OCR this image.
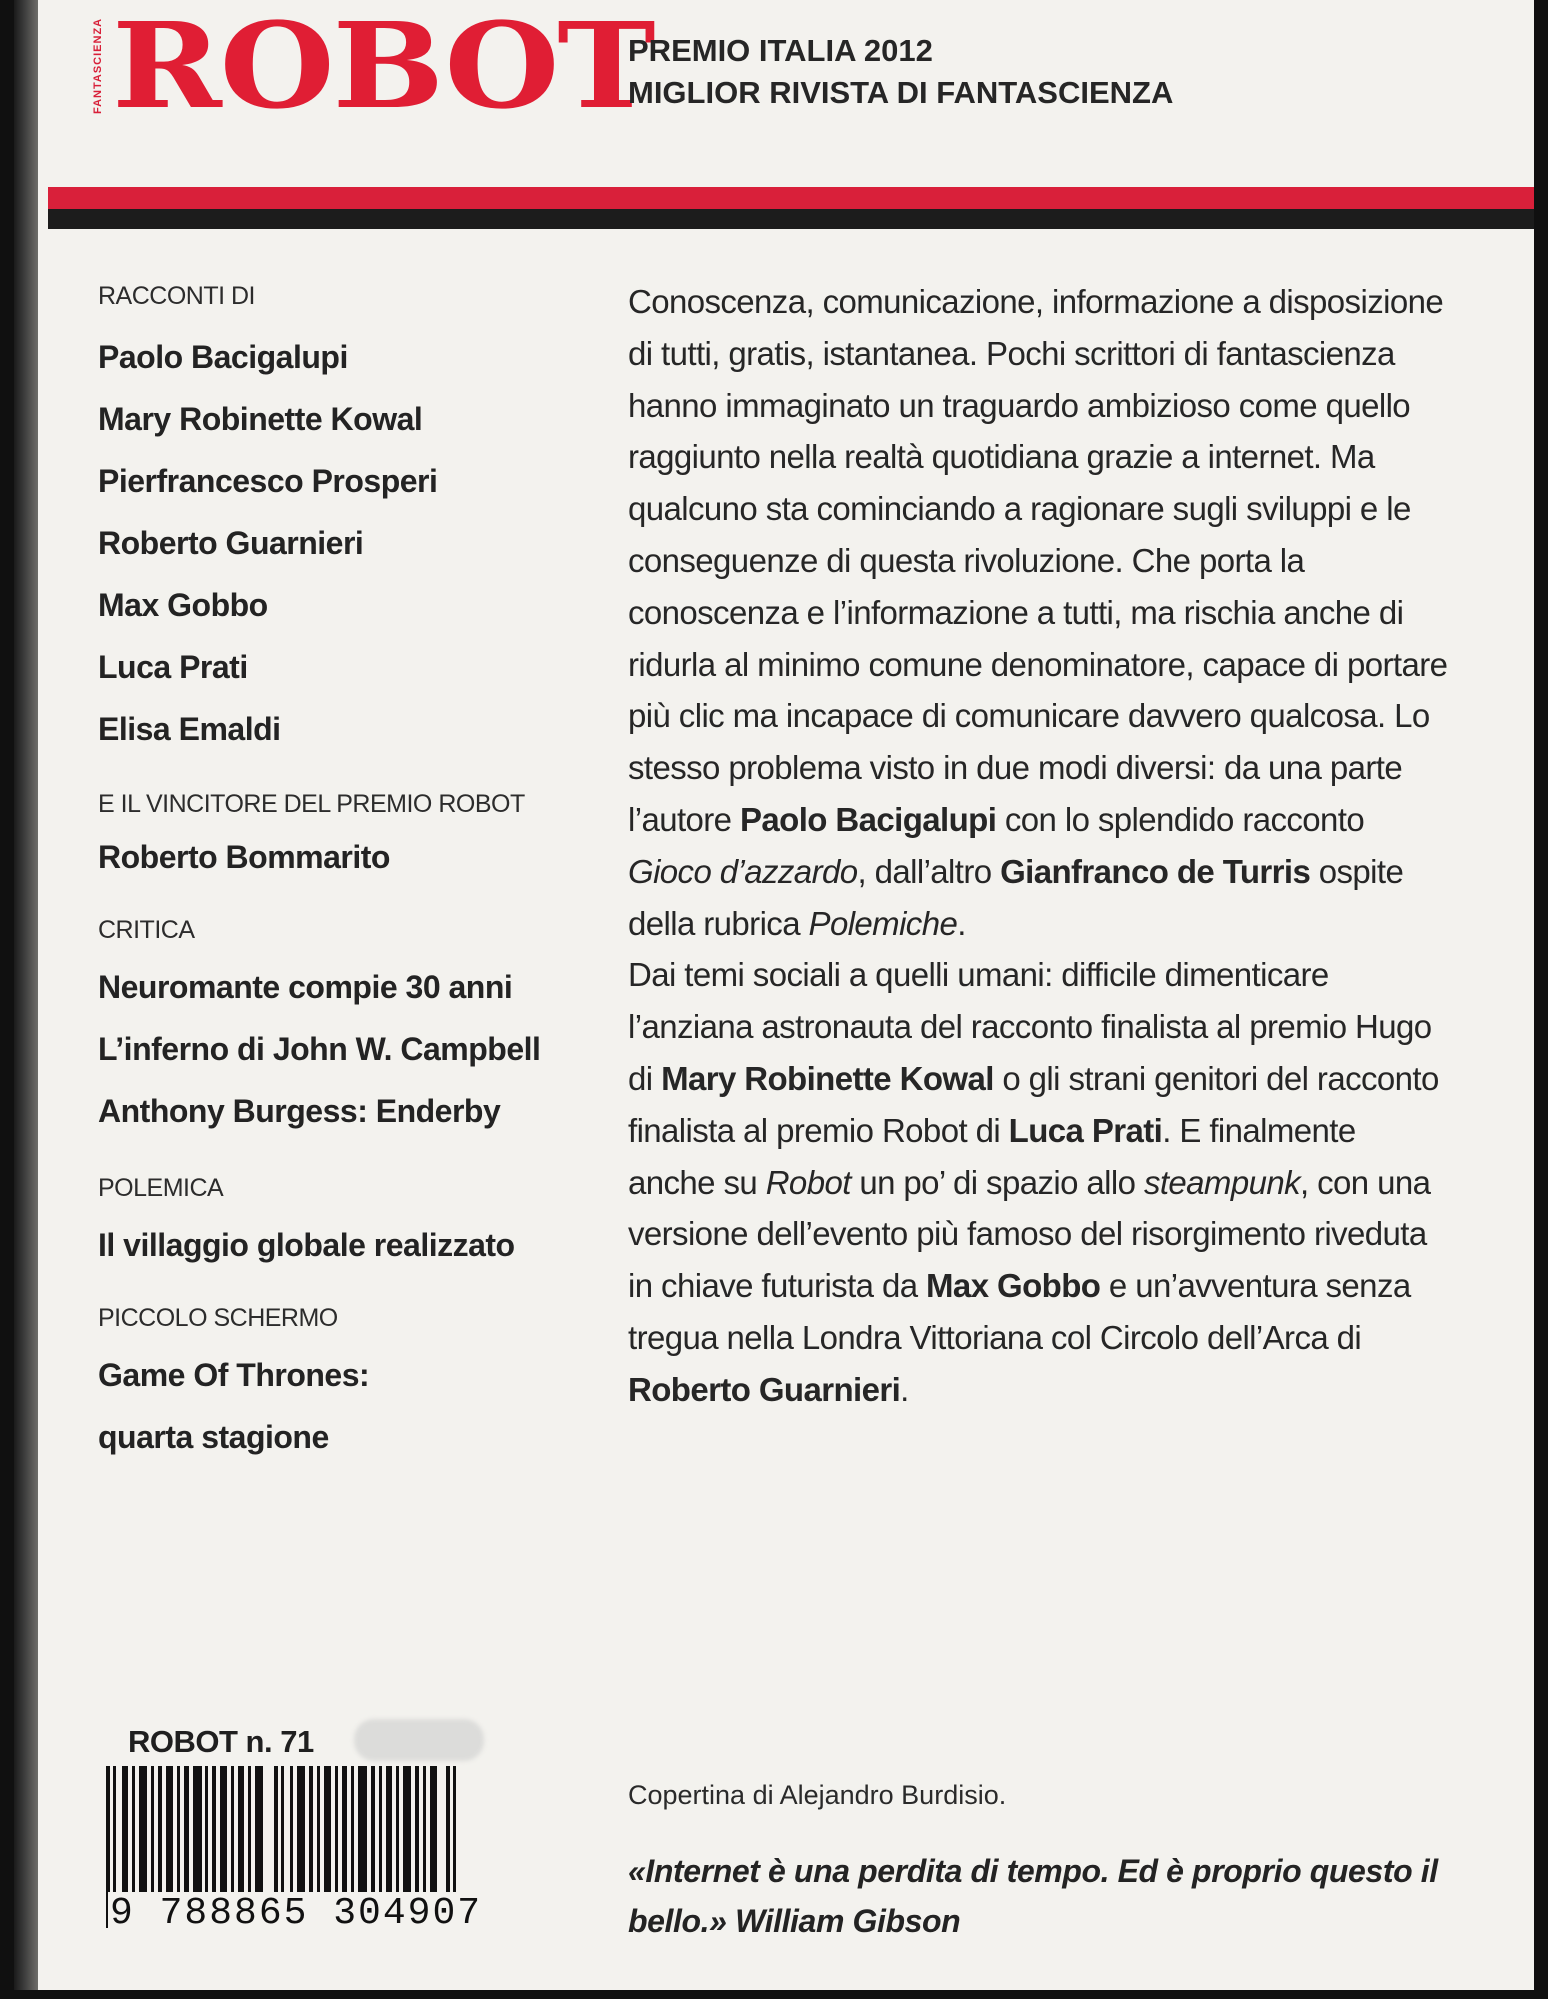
FANTASCIENZA ROBOT
PREMIO ITALIA 2012
MIGLIOR RIVISTA DI FANTASCIENZA
RACCONTI DI
Paolo Bacigalupi
Mary Robinette Kowal
Pierfrancesco Prosperi
Roberto Guarnieri
Max Gobbo
Luca Prati
Elisa Emaldi
E IL VINCITORE DEL PREMIO ROBOT
Roberto Bommarito
CRITICA
Neuromante compie 30 anni
L’inferno di John W. Campbell
Anthony Burgess: Enderby
POLEMICA
Il villaggio globale realizzato
PICCOLO SCHERMO
Game Of Thrones:
quarta stagione

Conoscenza, comunicazione, informazione a disposizione di tutti, gratis, istantanea. Pochi scrittori di fantascienza hanno immaginato un traguardo ambizioso come quello raggiunto nella realtà quotidiana grazie a internet. Ma qualcuno sta cominciando a ragionare sugli sviluppi e le conseguenze di questa rivoluzione. Che porta la conoscenza e l’informazione a tutti, ma rischia anche di ridurla al minimo comune denominatore, capace di portare più clic ma incapace di comunicare davvero qualcosa. Lo stesso problema visto in due modi diversi: da una parte l’autore Paolo Bacigalupi con lo splendido racconto Gioco d’azzardo, dall’altro Gianfranco de Turris ospite della rubrica Polemiche.

Dai temi sociali a quelli umani: difficile dimenticare l’anziana astronauta del racconto finalista al premio Hugo di Mary Robinette Kowal o gli strani genitori del racconto finalista al premio Robot di Luca Prati. E finalmente anche su Robot un po’ di spazio allo steampunk, con una versione dell’evento più famoso del risorgimento riveduta in chiave futurista da Max Gobbo e un’avventura senza tregua nella Londra Vittoriana col Circolo dell’Arca di Roberto Guarnieri.

ROBOT n. 71
9 788865 304907
Copertina di Alejandro Burdisio.
«Internet è una perdita di tempo. Ed è proprio questo il bello.» William Gibson
